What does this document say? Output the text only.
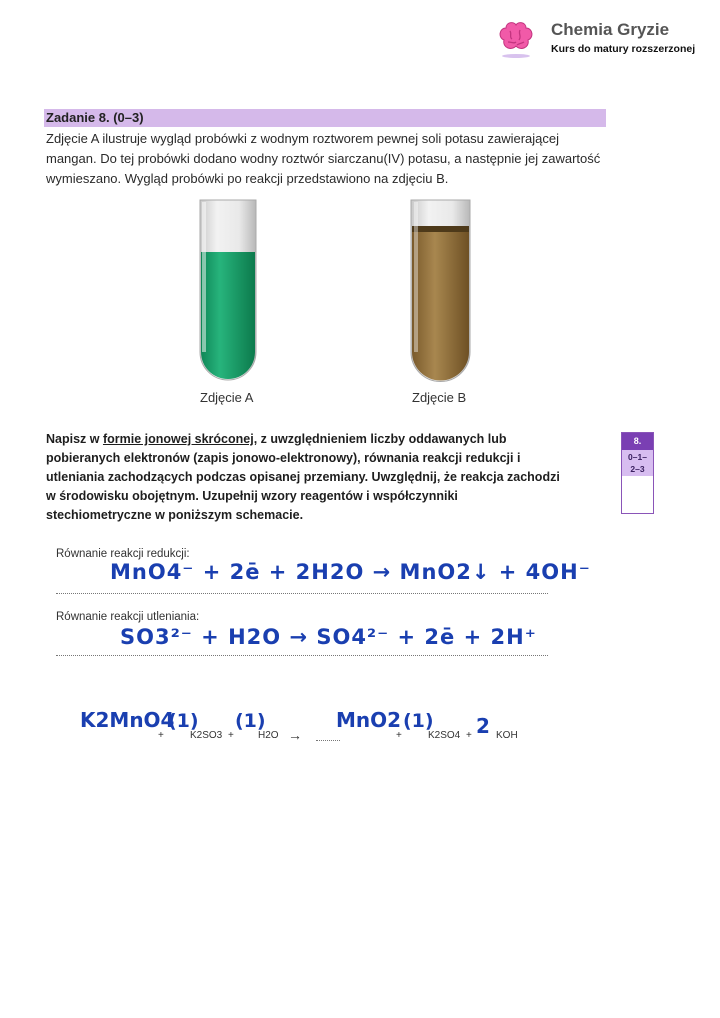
Chemia Gryzie
Kurs do matury rozszerzonej
Zadanie 8. (0–3)
Zdjęcie A ilustruje wygląd probówki z wodnym roztworem pewnej soli potasu zawierającej mangan. Do tej probówki dodano wodny roztwór siarczanu(IV) potasu, a następnie jej zawartość wymieszano. Wygląd probówki po reakcji przedstawiono na zdjęciu B.
Zdjęcie A	Zdjęcie B
Napisz w formie jonowej skróconej, z uwzględnieniem liczby oddawanych lub pobieranych elektronów (zapis jonowo-elektronowy), równania reakcji redukcji i utleniania zachodzących podczas opisanej przemiany. Uwzględnij, że reakcja zachodzi w środowisku obojętnym. Uzupełnij wzory reagentów i współczynniki stechiometryczne w poniższym schemacie.
8.
0–1–
2–3
Równanie reakcji redukcji:
MnO4⁻ + 2ē + 2H2O → MnO2↓ + 4OH⁻
Równanie reakcji utleniania:
SO3²⁻ + H2O → SO4²⁻ + 2ē + 2H⁺
K2MnO4
+
(1)
K2SO3 +
(1)
H2O →
MnO2
+
(1)
K2SO4 + 2 KOH
